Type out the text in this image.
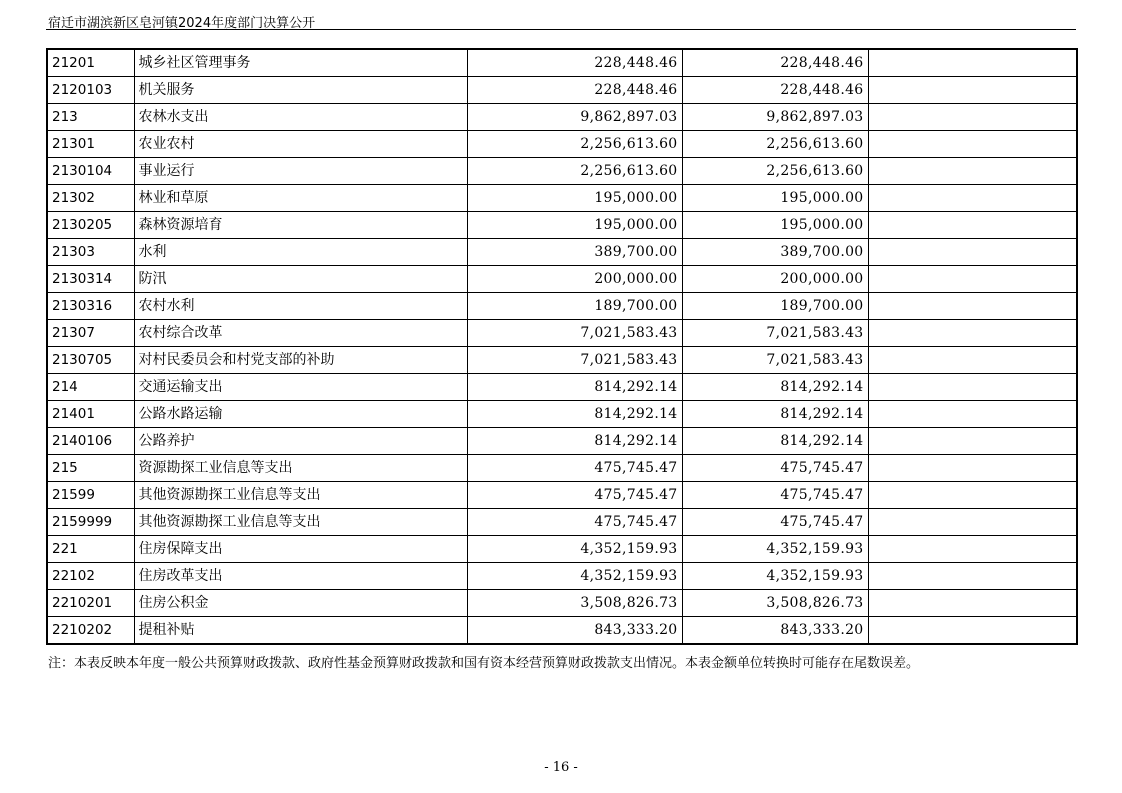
宿迁市湖滨新区皂河镇2024年度部门决算公开
21201	城乡社区管理事务	228,448.46	228,448.46	
2120103	机关服务	228,448.46	228,448.46	
213	农林水支出	9,862,897.03	9,862,897.03	
21301	农业农村	2,256,613.60	2,256,613.60	
2130104	事业运行	2,256,613.60	2,256,613.60	
21302	林业和草原	195,000.00	195,000.00	
2130205	森林资源培育	195,000.00	195,000.00	
21303	水利	389,700.00	389,700.00	
2130314	防汛	200,000.00	200,000.00	
2130316	农村水利	189,700.00	189,700.00	
21307	农村综合改革	7,021,583.43	7,021,583.43	
2130705	对村民委员会和村党支部的补助	7,021,583.43	7,021,583.43	
214	交通运输支出	814,292.14	814,292.14	
21401	公路水路运输	814,292.14	814,292.14	
2140106	公路养护	814,292.14	814,292.14	
215	资源勘探工业信息等支出	475,745.47	475,745.47	
21599	其他资源勘探工业信息等支出	475,745.47	475,745.47	
2159999	其他资源勘探工业信息等支出	475,745.47	475,745.47	
221	住房保障支出	4,352,159.93	4,352,159.93	
22102	住房改革支出	4,352,159.93	4,352,159.93	
2210201	住房公积金	3,508,826.73	3,508,826.73	
2210202	提租补贴	843,333.20	843,333.20	
注：本表反映本年度一般公共预算财政拨款、政府性基金预算财政拨款和国有资本经营预算财政拨款支出情况。本表金额单位转换时可能存在尾数误差。
- 16 -
